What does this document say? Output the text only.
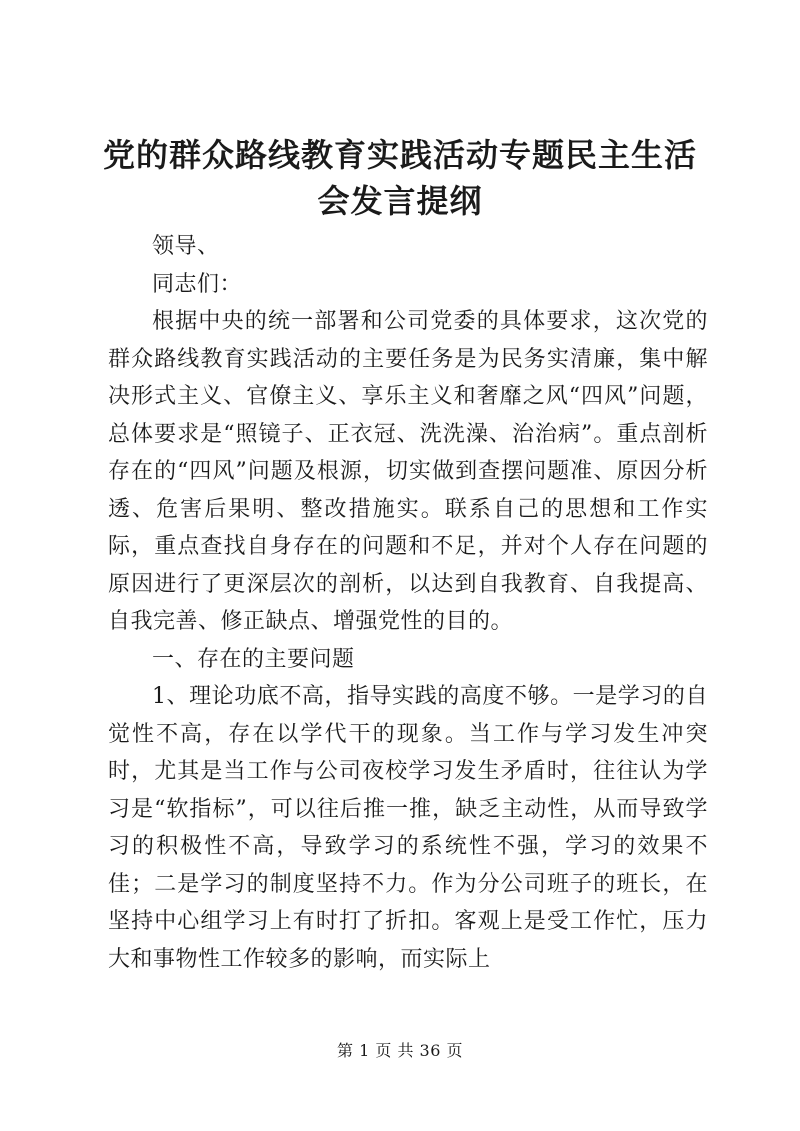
党的群众路线教育实践活动专题民主生活会发言提纲

领导、

同志们：

根据中央的统一部署和公司党委的具体要求，这次党的群众路线教育实践活动的主要任务是为民务实清廉，集中解决形式主义、官僚主义、享乐主义和奢靡之风“四风”问题，总体要求是“照镜子、正衣冠、洗洗澡、治治病”。重点剖析存在的“四风”问题及根源，切实做到查摆问题准、原因分析透、危害后果明、整改措施实。联系自己的思想和工作实际，重点查找自身存在的问题和不足，并对个人存在问题的原因进行了更深层次的剖析，以达到自我教育、自我提高、自我完善、修正缺点、增强党性的目的。

一、存在的主要问题

1、理论功底不高，指导实践的高度不够。一是学习的自觉性不高，存在以学代干的现象。当工作与学习发生冲突时，尤其是当工作与公司夜校学习发生矛盾时，往往认为学习是“软指标”，可以往后推一推，缺乏主动性，从而导致学习的积极性不高，导致学习的系统性不强，学习的效果不佳；二是学习的制度坚持不力。作为分公司班子的班长，在坚持中心组学习上有时打了折扣。客观上是受工作忙，压力大和事物性工作较多的影响，而实际上

第 1 页 共 36 页
